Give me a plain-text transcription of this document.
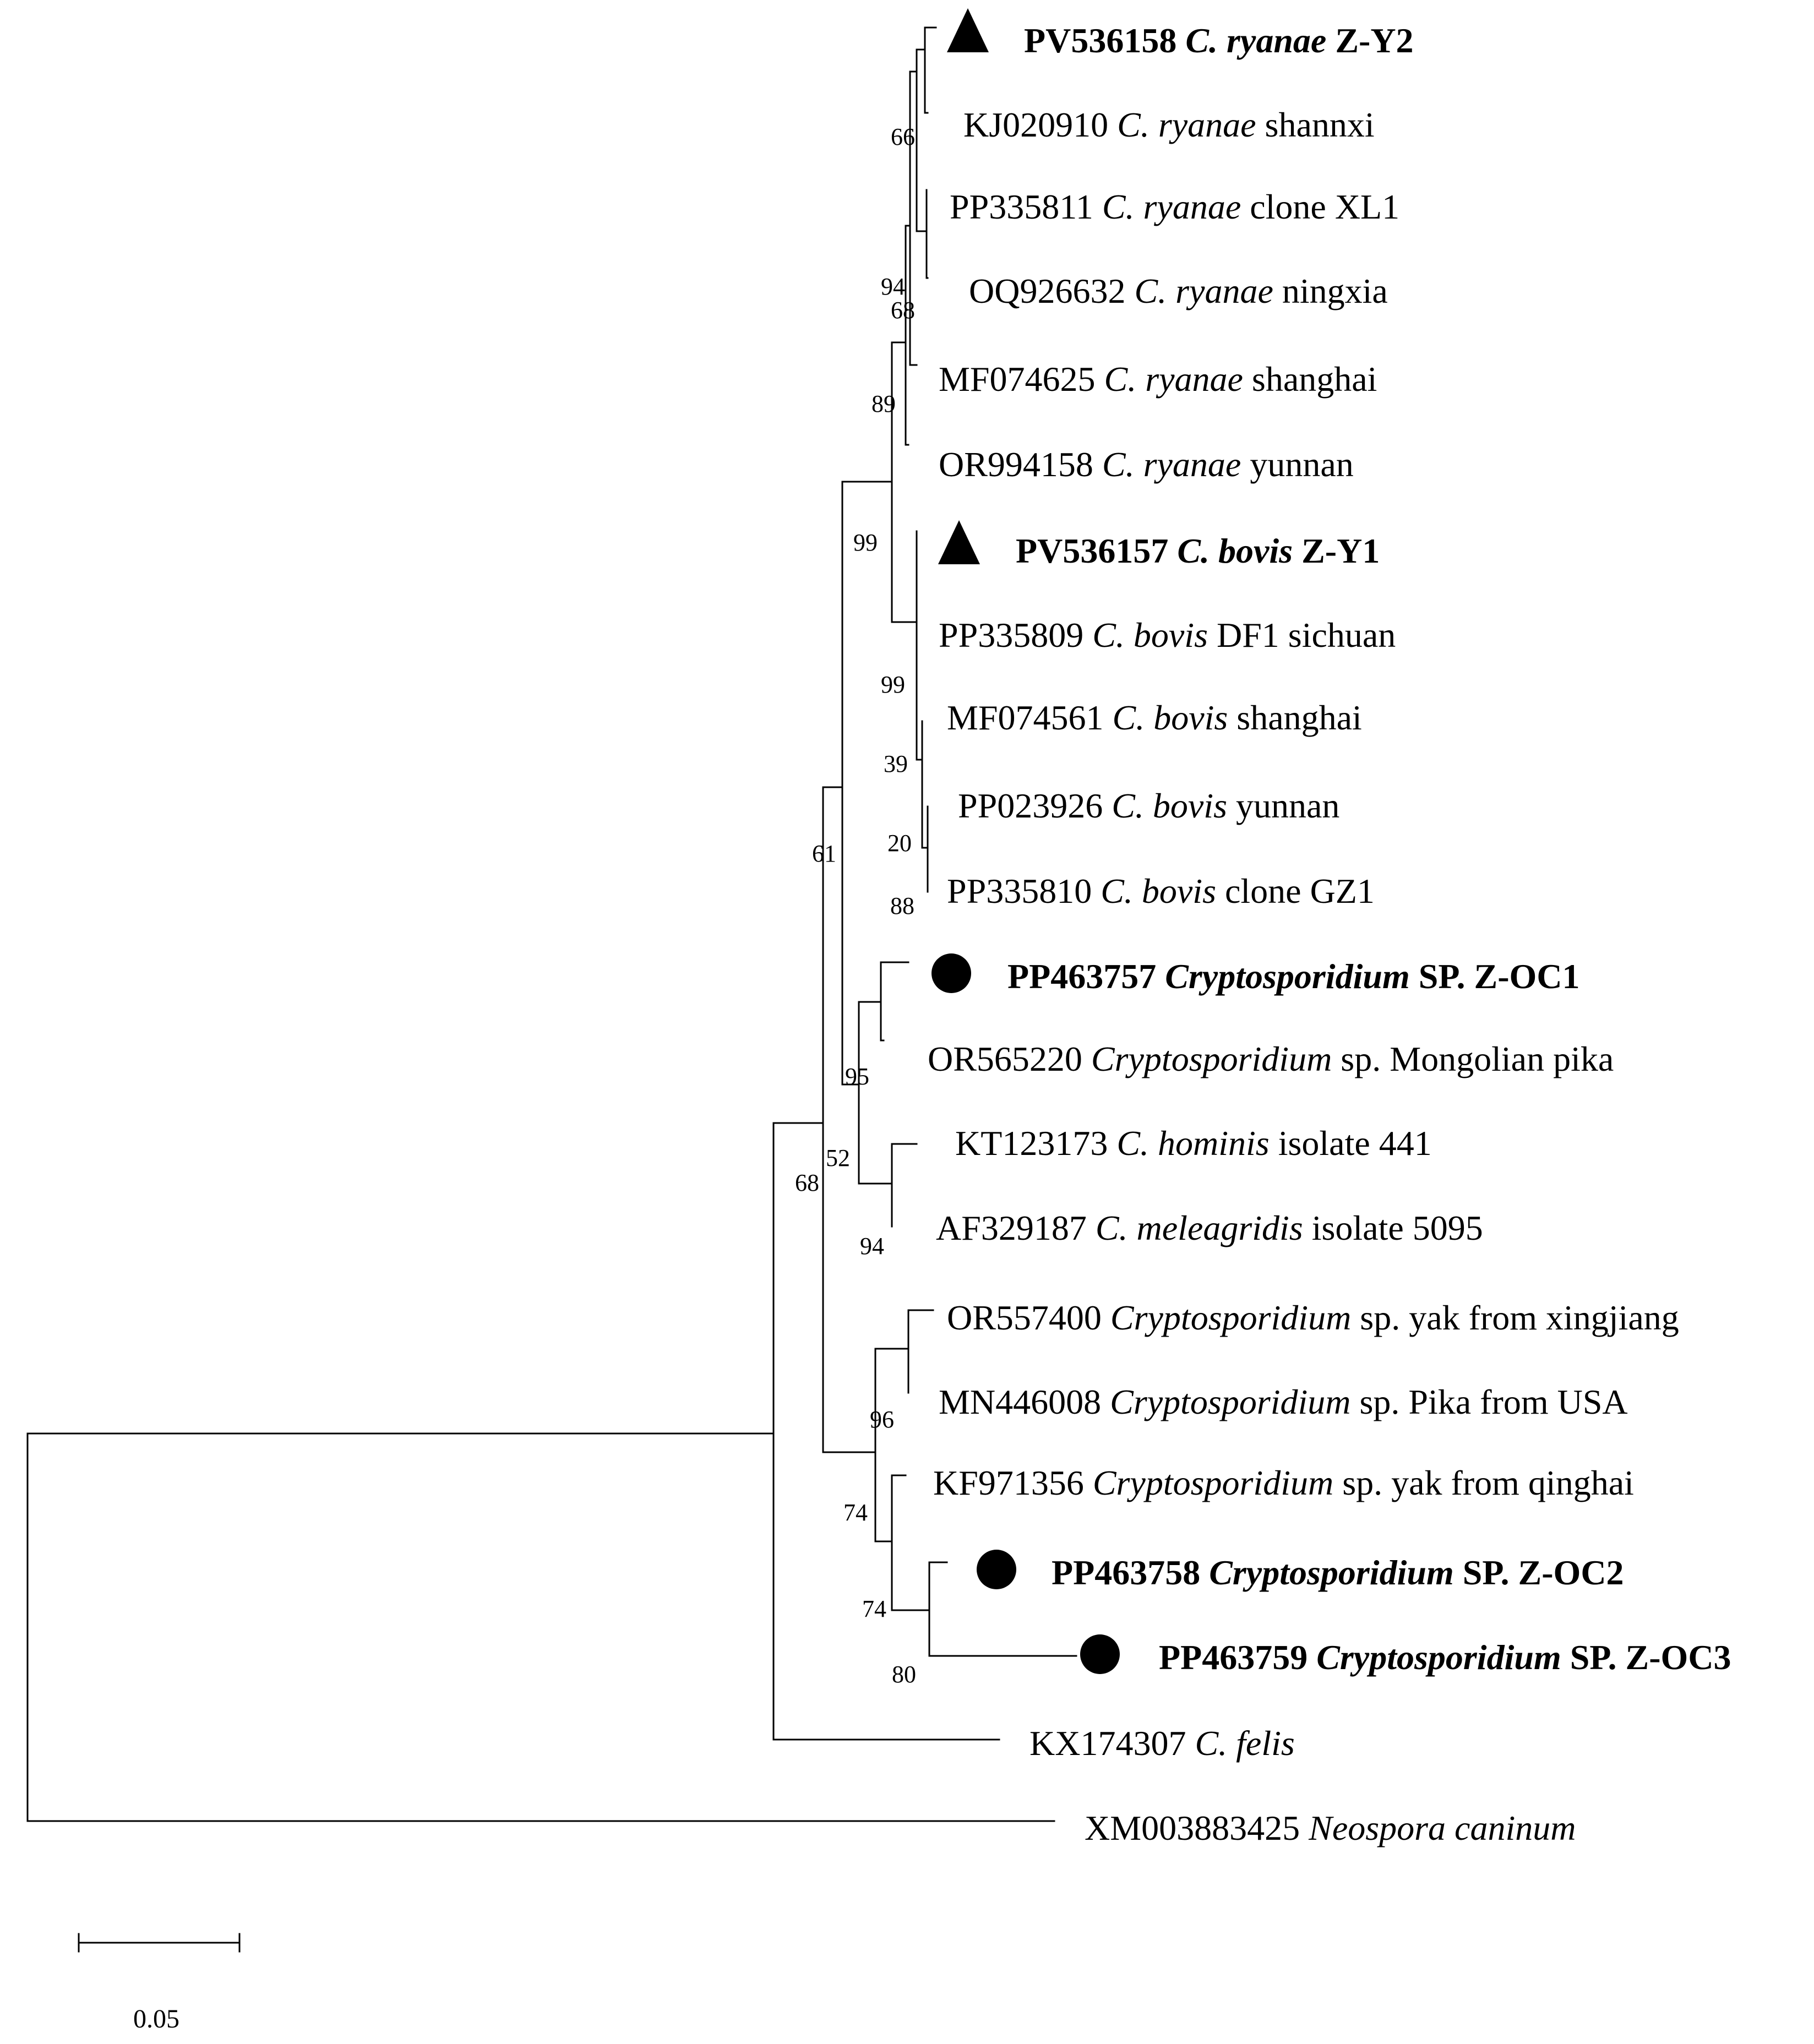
PV536158 C. ryanae Z-Y2
KJ020910 C. ryanae shannxi
PP335811 C. ryanae clone XL1
OQ926632 C. ryanae ningxia
MF074625 C. ryanae shanghai
OR994158 C. ryanae yunnan
PV536157 C. bovis Z-Y1
PP335809 C. bovis DF1 sichuan
MF074561 C. bovis shanghai
PP023926 C. bovis yunnan
PP335810 C. bovis clone GZ1
PP463757 Cryptosporidium SP. Z-OC1
OR565220 Cryptosporidium sp. Mongolian pika
KT123173 C. hominis isolate 441
AF329187 C. meleagridis isolate 5095
OR557400 Cryptosporidium sp. yak from xingjiang
MN446008 Cryptosporidium sp. Pika from USA
KF971356 Cryptosporidium sp. yak from qinghai
PP463758 Cryptosporidium SP. Z-OC2
PP463759 Cryptosporidium SP. Z-OC3
KX174307 C. felis
XM003883425 Neospora caninum
66
94
68
89
99
99
39
20
88
61
95
52
94
68
96
74
74
80
0.05
